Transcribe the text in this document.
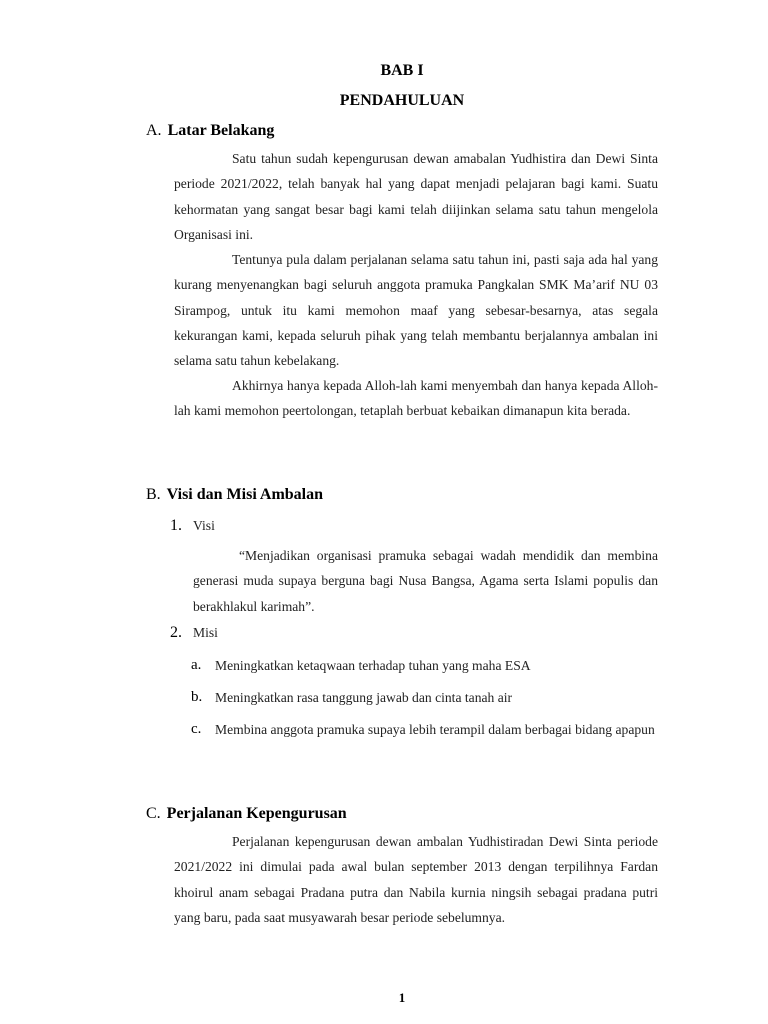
BAB I
PENDAHULUAN
A. Latar Belakang

Satu tahun sudah kepengurusan dewan amabalan Yudhistira dan Dewi Sinta periode 2021/2022, telah banyak hal yang dapat menjadi pelajaran bagi kami. Suatu kehormatan yang sangat besar bagi kami telah diijinkan selama satu tahun mengelola Organisasi ini.

Tentunya pula dalam perjalanan selama satu tahun ini, pasti saja ada hal yang kurang menyenangkan bagi seluruh anggota pramuka Pangkalan SMK Ma’arif NU 03 Sirampog, untuk itu kami memohon maaf yang sebesar-besarnya, atas segala kekurangan kami, kepada seluruh pihak yang telah membantu berjalannya ambalan ini selama satu tahun kebelakang.

Akhirnya hanya kepada Alloh-lah kami menyembah dan hanya kepada Alloh-lah kami memohon peertolongan, tetaplah berbuat kebaikan dimanapun kita berada.

B. Visi dan Misi Ambalan
1. Visi

“Menjadikan organisasi pramuka sebagai wadah mendidik dan membina generasi muda supaya berguna bagi Nusa Bangsa, Agama serta Islami populis dan berakhlakul karimah”.

2. Misi
a. Meningkatkan ketaqwaan terhadap tuhan yang maha ESA
b. Meningkatkan rasa tanggung jawab dan cinta tanah air
c. Membina anggota pramuka supaya lebih terampil dalam berbagai bidang apapun
C. Perjalanan Kepengurusan

Perjalanan kepengurusan dewan ambalan Yudhistiradan Dewi Sinta periode 2021/2022 ini dimulai pada awal bulan september 2013 dengan terpilihnya Fardan khoirul anam sebagai Pradana putra dan Nabila kurnia ningsih sebagai pradana putri yang baru, pada saat musyawarah besar periode sebelumnya.

1
